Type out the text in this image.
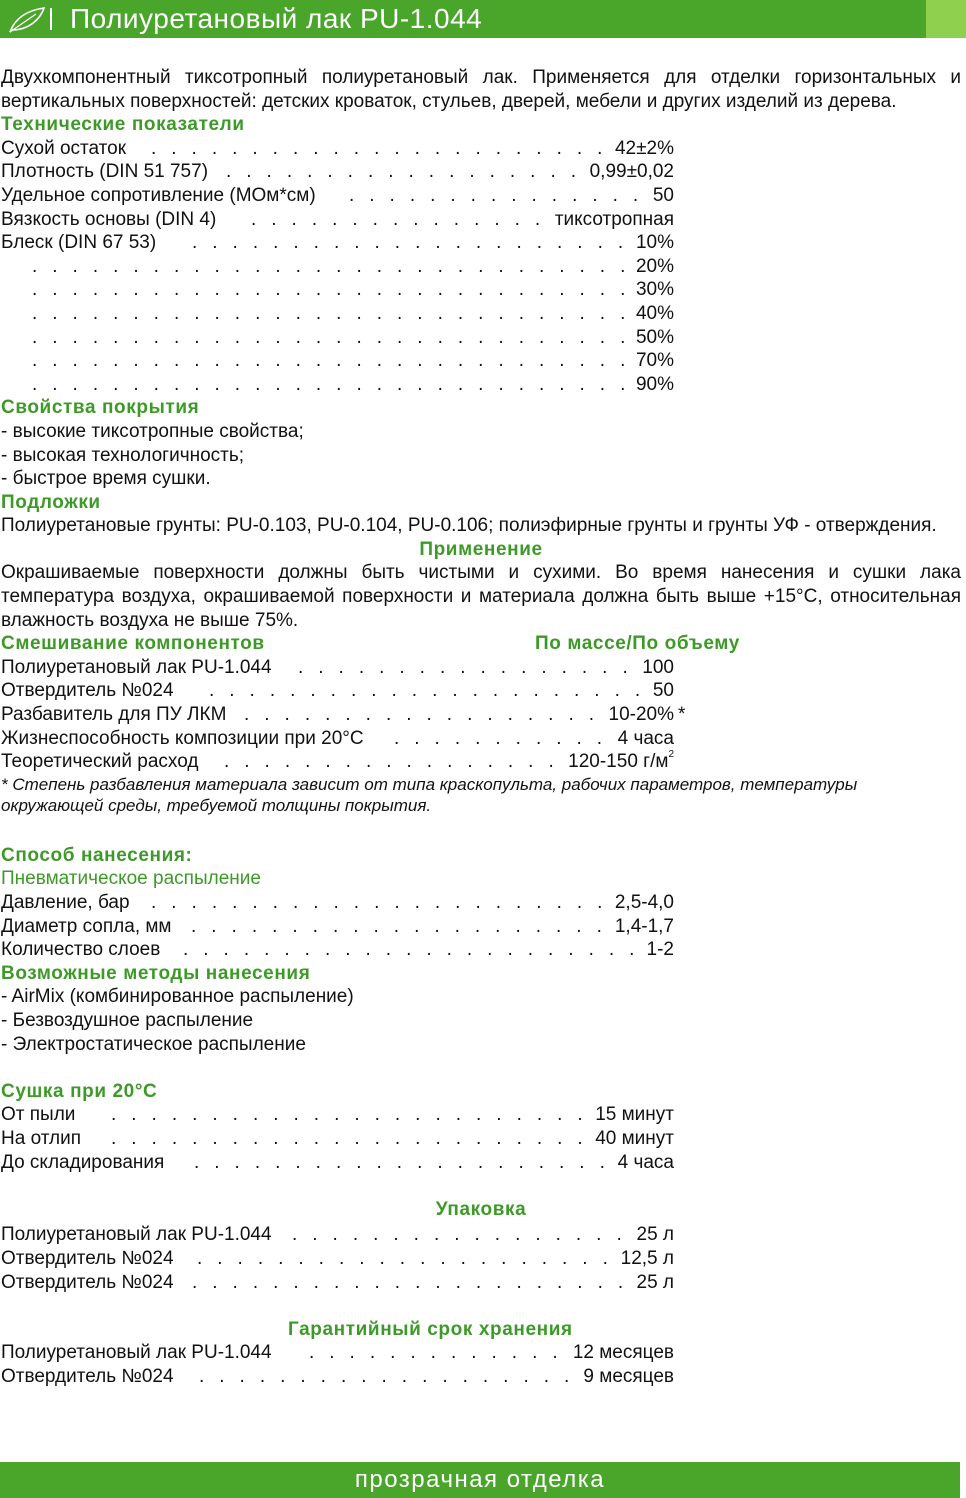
Полиуретановый лак PU-1.044
Двухкомпонентный тиксотропный полиуретановый лак. Применяется для отделки горизонтальных и вертикальных поверхностей: детских кроваток, стульев, дверей, мебели и других изделий из дерева.
Технические показатели
Сухой остаток .......................
42±2%
Плотность (DIN 51 757) ..................
0,99±0,02
Удельное сопротивление (МОм*см) ............... 50
Вязкость основы (DIN 4) ............... тиксотропная
Блеск (DIN 67 53) ......................
10%
..............................
20%
..............................
30%
..............................
40%
..............................
50%
..............................
70%
..............................
90%
Свойства покрытия
- высокие тиксотропные свойства;
- высокая технологичность;
- быстрое время сушки.
Подложки
Полиуретановые грунты: PU-0.103, PU-0.104, PU-0.106; полиэфирные грунты и грунты УФ - отверждения.
Применение
Окрашиваемые поверхности должны быть чистыми и сухими. Во время нанесения и сушки лака температура воздуха, окрашиваемой поверхности и материала должна быть выше +15°С, относительная влажность воздуха не выше 75%.
Смешивание компонентов	По массе/По объему
Полиуретановый лак PU-1.044 ................. 100
Отвердитель №024 ......................
50
Разбавитель для ПУ ЛКМ .................. 10-20% *
Жизнеспособность композиции при 20°С ........... 4 часа
Теоретический расход ................. 120-150 $г/м^2$
* Степень разбавления материала зависит от типа краскопульта, рабочих параметров, температуры окружающей среды, требуемой толщины покрытия.
Способ нанесения:
Пневматическое распыление
Давление, бар .......................
2,5-4,0
Диаметр сопла, мм .....................
1,4-1,7
Количество слоев .......................
1-2
Возможные методы нанесения
- AirMix (комбинированное распыление)
- Безвоздушное распыление
- Электростатическое распыление
Сушка при 20°С
От пыли ........................
15 минут
На отлип ........................
40 минут
До складирования .....................
4 часа
Упаковка
Полиуретановый лак PU-1.044 ................. 25 л
Отвердитель №024 .....................
12,5 л
Отвердитель №024 ......................
25 л
Гарантийный срок хранения
Полиуретановый лак PU-1.044 ............. 12 месяцев
Отвердитель №024 ................... 9 месяцев
прозрачная отделка
